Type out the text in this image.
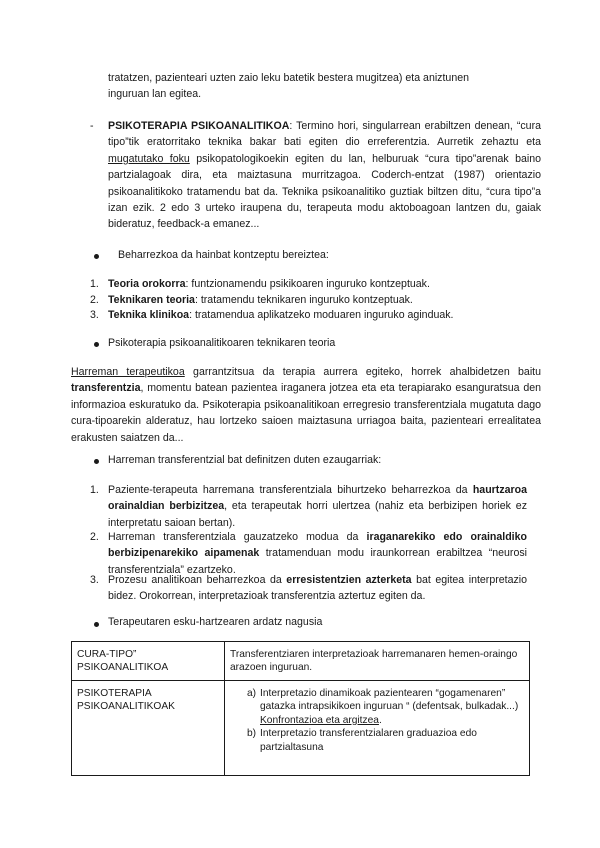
tratatzen, pazienteari uzten zaio leku batetik bestera mugitzea) eta aniztunen
inguruan lan egitea.
- PSIKOTERAPIA PSIKOANALITIKOA: Termino hori, singularrean erabiltzen denean, “cura tipo”tik eratorritako teknika bakar bati egiten dio erreferentzia. Aurretik zehaztu eta mugatutako foku psikopatologikoekin egiten du lan, helburuak “cura tipo”arenak baino partzialagoak dira, eta maiztasuna murritzagoa. Coderch-entzat (1987) orientazio psikoanalitikoko tratamendu bat da. Teknika psikoanalitiko guztiak biltzen ditu, “cura tipo”a izan ezik. 2 edo 3 urteko iraupena du, terapeuta modu aktoboagoan lantzen du, gaiak bideratuz, feedback-a emanez...
Beharrezkoa da hainbat kontzeptu bereiztea:
1. Teoria orokorra: funtzionamendu psikikoaren inguruko kontzeptuak.
2. Teknikaren teoria: tratamendu teknikaren inguruko kontzeptuak.
3. Teknika klinikoa: tratamendua aplikatzeko moduaren inguruko aginduak.
Psikoterapia psikoanalitikoaren teknikaren teoria
Harreman terapeutikoa garrantzitsua da terapia aurrera egiteko, horrek ahalbidetzen baitu transferentzia, momentu batean pazientea iraganera jotzea eta eta terapiarako esanguratsua den informazioa eskuratuko da. Psikoterapia psikoanalitikoan erregresio transferentziala mugatuta dago cura-tipoarekin alderatuz, hau lortzeko saioen maiztasuna urriagoa baita, pazienteari errealitatea erakusten saiatzen da...
Harreman transferentzial bat definitzen duten ezaugarriak:
1. Paziente-terapeuta harremana transferentziala bihurtzeko beharrezkoa da haurtzaroa orainaldian berbizitzea, eta terapeutak horri ulertzea (nahiz eta berbizipen horiek ez interpretatu saioan bertan).
2. Harreman transferentziala gauzatzeko modua da iraganarekiko edo orainaldiko berbizipenarekiko aipamenak tratamenduan modu iraunkorrean erabiltzea “neurosi transferentziala” ezartzeko.
3. Prozesu analitikoan beharrezkoa da erresistentzien azterketa bat egitea interpretazio bidez. Orokorrean, interpretazioak transferentzia aztertuz egiten da.
Terapeutaren esku-hartzearen ardatz nagusia
CURA-TIPO” PSIKOANALITIKOA	Transferentziaren interpretazioak harremanaren hemen-oraingo arazoen inguruan.
PSIKOTERAPIA PSIKOANALITIKOAK	a) Interpretazio dinamikoak pazientearen “gogamenaren” gatazka intrapsikikoen inguruan “ (defentsak, bulkadak...)
Konfrontazioa eta argitzea.
b) Interpretazio transferentzialaren graduazioa edo partzialtasuna
